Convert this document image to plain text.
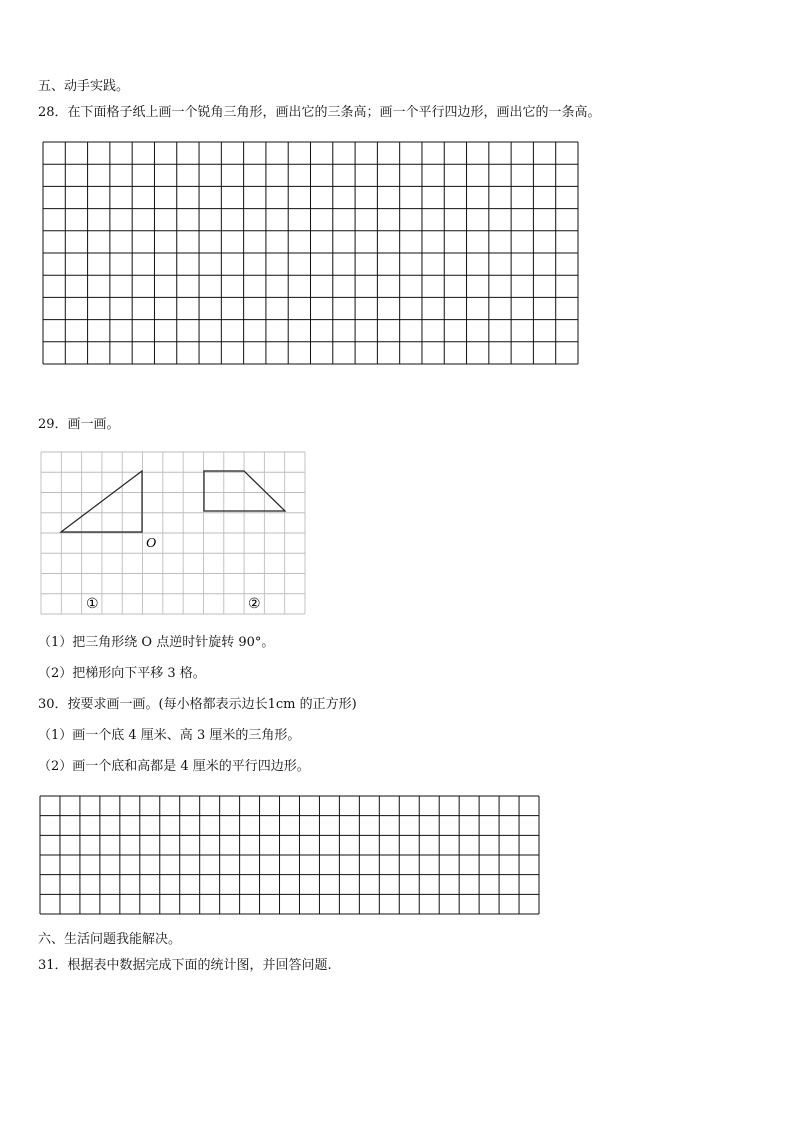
五、动手实践。
28．在下面格子纸上画一个锐角三角形，画出它的三条高；画一个平行四边形，画出它的一条高。
29．画一画。
O
①	②
（1）把三角形绕 O 点逆时针旋转 90°。
（2）把梯形向下平移 3 格。
30．按要求画一画。(每小格都表示边长1cm 的正方形)
（1）画一个底 4 厘米、高 3 厘米的三角形。
（2）画一个底和高都是 4 厘米的平行四边形。
六、生活问题我能解决。
31．根据表中数据完成下面的统计图，并回答问题.
